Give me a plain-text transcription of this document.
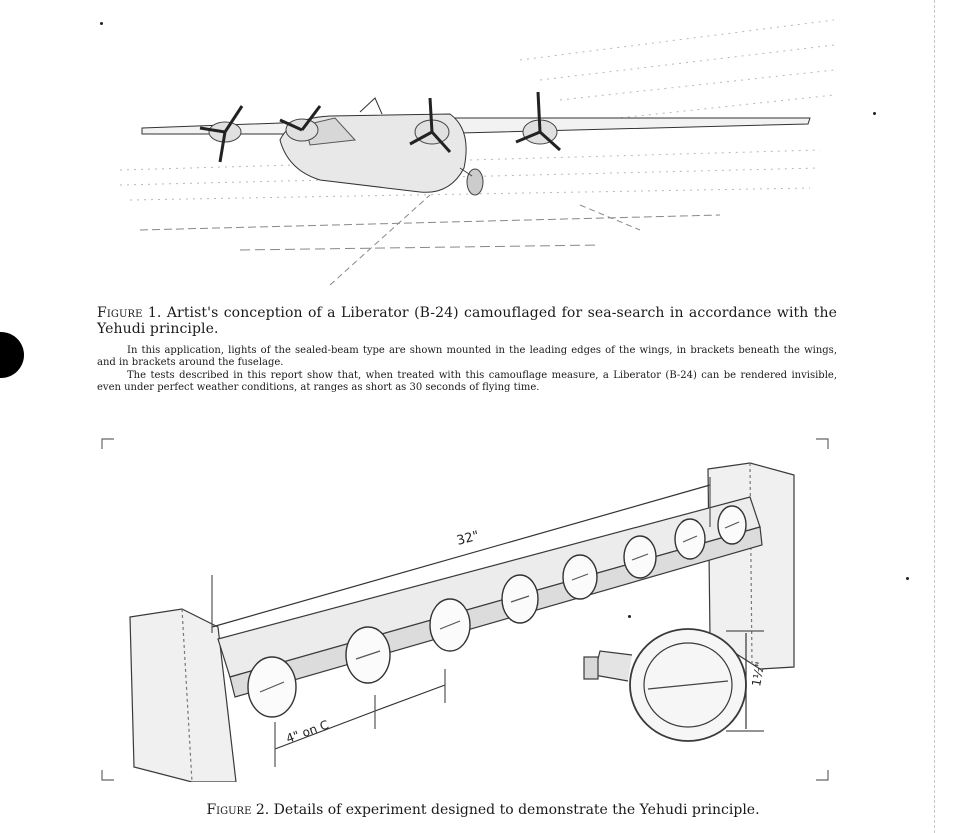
Figure 1. Artist's conception of a Liberator (B-24) camouflaged for sea-search in accordance with the Yehudi principle.
In this application, lights of the sealed-beam type are shown mounted in the leading edges of the wings, in brackets beneath the wings, and in brackets around the fuselage.
The tests described in this report show that, when treated with this camouflage measure, a Liberator (B-24) can be rendered invisible, even under perfect weather conditions, at ranges as short as 30 seconds of flying time.
32"
4" on C
1½"
Figure 2. Details of experiment designed to demonstrate the Yehudi principle.
